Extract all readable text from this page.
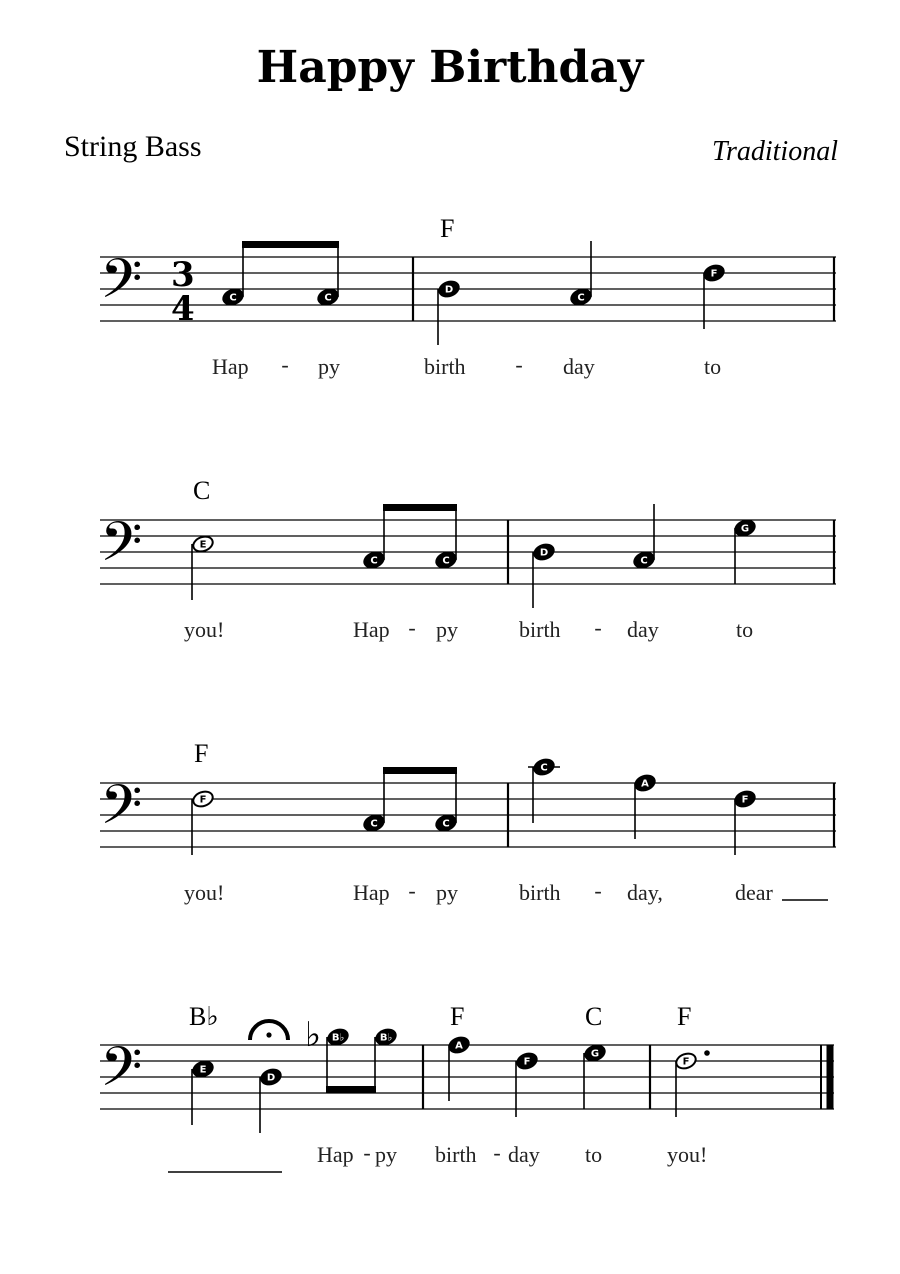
Happy Birthday
String Bass	Traditional
𝄢 3
4
F
C	C
D
C
F
Hap - py	birth - day	to
𝄢
C
E
C	C
D
C
G
you!	Hap - py	birth - day	to
𝄢
F
F
C	C
C
A
F
you!	Hap - py	birth - day,	dear
𝄢
B♭	F	C	F
♭
E
D
B♭	B♭
A
F
G
F
Hap - py birth - day to	you!
